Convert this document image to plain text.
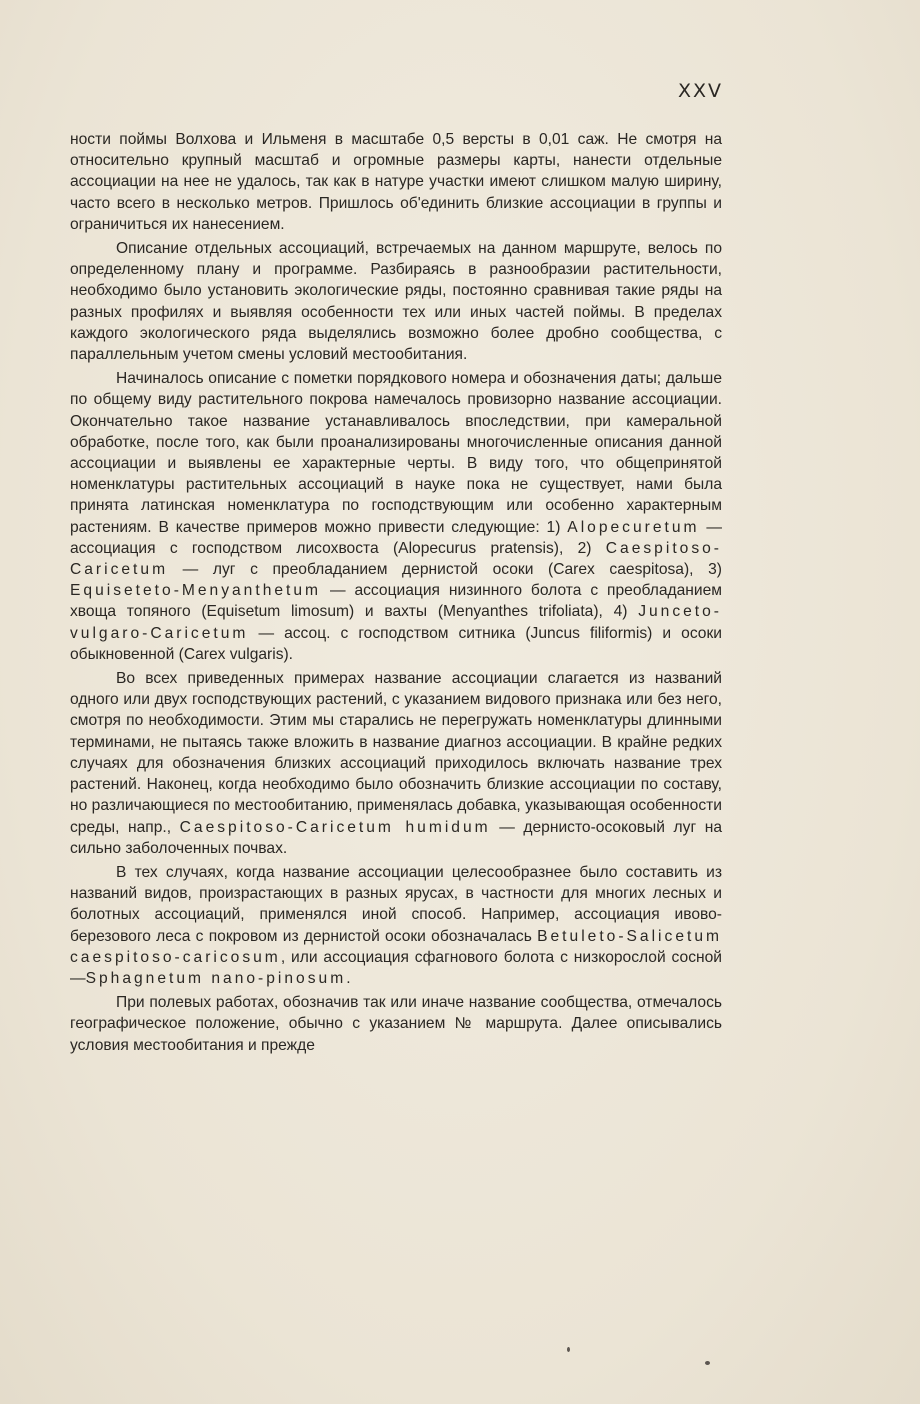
XXV

ности поймы Волхова и Ильменя в масштабе 0,5 версты в 0,01 саж. Не смотря на относительно крупный масштаб и огромные размеры карты, нанести отдельные ассоциации на нее не удалось, так как в натуре участки имеют слишком малую ширину, часто всего в несколько метров. Пришлось об'единить близкие ассоциации в группы и ограничиться их нанесением.

Описание отдельных ассоциаций, встречаемых на данном маршруте, велось по определенному плану и программе. Разбираясь в разнообразии растительности, необходимо было установить экологические ряды, постоянно сравнивая такие ряды на разных профилях и выявляя особенности тех или иных частей поймы. В пределах каждого экологического ряда выделялись возможно более дробно сообщества, с параллельным учетом смены условий местообитания.

Начиналось описание с пометки порядкового номера и обозначения даты; дальше по общему виду растительного покрова намечалось провизорно название ассоциации. Окончательно такое название устанавливалось впоследствии, при камеральной обработке, после того, как были проанализированы многочисленные описания данной ассоциации и выявлены ее характерные черты. В виду того, что общепринятой номенклатуры растительных ассоциаций в науке пока не существует, нами была принята латинская номенклатура по господствующим или особенно характерным растениям. В качестве примеров можно привести следующие: 1) Alopecuretum — ассоциация с господством лисохвоста (Alopecurus pratensis), 2) Caespitoso-Caricetum — луг с преобладанием дернистой осоки (Carex caespitosa), 3) Equiseteto-Menyanthetum — ассоциация низинного болота с преобладанием хвоща топяного (Equisetum limosum) и вахты (Menyanthes trifoliata), 4) Junceto-vulgaro-Caricetum — ассоц. с господством ситника (Juncus filiformis) и осоки обыкновенной (Carex vulgaris).

Во всех приведенных примерах название ассоциации слагается из названий одного или двух господствующих растений, с указанием видового признака или без него, смотря по необходимости. Этим мы старались не перегружать номенклатуры длинными терминами, не пытаясь также вложить в название диагноз ассоциации. В крайне редких случаях для обозначения близких ассоциаций приходилось включать название трех растений. Наконец, когда необходимо было обозначить близкие ассоциации по составу, но различающиеся по местообитанию, применялась добавка, указывающая особенности среды, напр., Caespitoso-Caricetum humidum — дернисто-осоковый луг на сильно заболоченных почвах.

В тех случаях, когда название ассоциации целесообразнее было составить из названий видов, произрастающих в разных ярусах, в частности для многих лесных и болотных ассоциаций, применялся иной способ. Например, ассоциация ивово-березового леса с покровом из дернистой осоки обозначалась Betuleto-Salicetum caespitoso-caricosum, или ассоциация сфагнового болота с низкорослой сосной—Sphagnetum nano-pinosum.

При полевых работах, обозначив так или иначе название сообщества, отмечалось географическое положение, обычно с указанием № маршрута. Далее описывались условия местообитания и прежде
